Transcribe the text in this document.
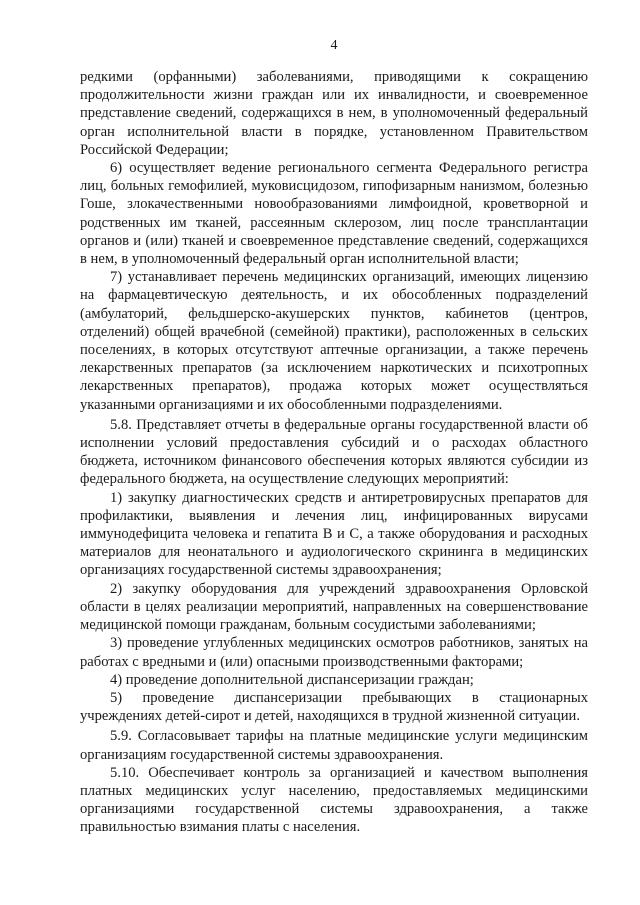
4

редкими (орфанными) заболеваниями, приводящими к сокращению продолжительности жизни граждан или их инвалидности, и своевременное представление сведений, содержащихся в нем, в уполномоченный федеральный орган исполнительной власти в порядке, установленном Правительством Российской Федерации;

6) осуществляет ведение регионального сегмента Федерального регистра лиц, больных гемофилией, муковисцидозом, гипофизарным нанизмом, болезнью Гоше, злокачественными новообразованиями лимфоидной, кроветворной и родственных им тканей, рассеянным склерозом, лиц после трансплантации органов и (или) тканей и своевременное представление сведений, содержащихся в нем, в уполномоченный федеральный орган исполнительной власти;

7) устанавливает перечень медицинских организаций, имеющих лицензию на фармацевтическую деятельность, и их обособленных подразделений (амбулаторий, фельдшерско-акушерских пунктов, кабинетов (центров, отделений) общей врачебной (семейной) практики), расположенных в сельских поселениях, в которых отсутствуют аптечные организации, а также перечень лекарственных препаратов (за исключением наркотических и психотропных лекарственных препаратов), продажа которых может осуществляться указанными организациями и их обособленными подразделениями.

5.8. Представляет отчеты в федеральные органы государственной власти об исполнении условий предоставления субсидий и о расходах областного бюджета, источником финансового обеспечения которых являются субсидии из федерального бюджета, на осуществление следующих мероприятий:

1) закупку диагностических средств и антиретровирусных препаратов для профилактики, выявления и лечения лиц, инфицированных вирусами иммунодефицита человека и гепатита В и С, а также оборудования и расходных материалов для неонатального и аудиологического скрининга в медицинских организациях государственной системы здравоохранения;

2) закупку оборудования для учреждений здравоохранения Орловской области в целях реализации мероприятий, направленных на совершенствование медицинской помощи гражданам, больным сосудистыми заболеваниями;

3) проведение углубленных медицинских осмотров работников, занятых на работах с вредными и (или) опасными производственными факторами;

4) проведение дополнительной диспансеризации граждан;

5) проведение диспансеризации пребывающих в стационарных учреждениях детей-сирот и детей, находящихся в трудной жизненной ситуации.

5.9. Согласовывает тарифы на платные медицинские услуги медицинским организациям государственной системы здравоохранения.

5.10. Обеспечивает контроль за организацией и качеством выполнения платных медицинских услуг населению, предоставляемых медицинскими организациями государственной системы здравоохранения, а также правильностью взимания платы с населения.
